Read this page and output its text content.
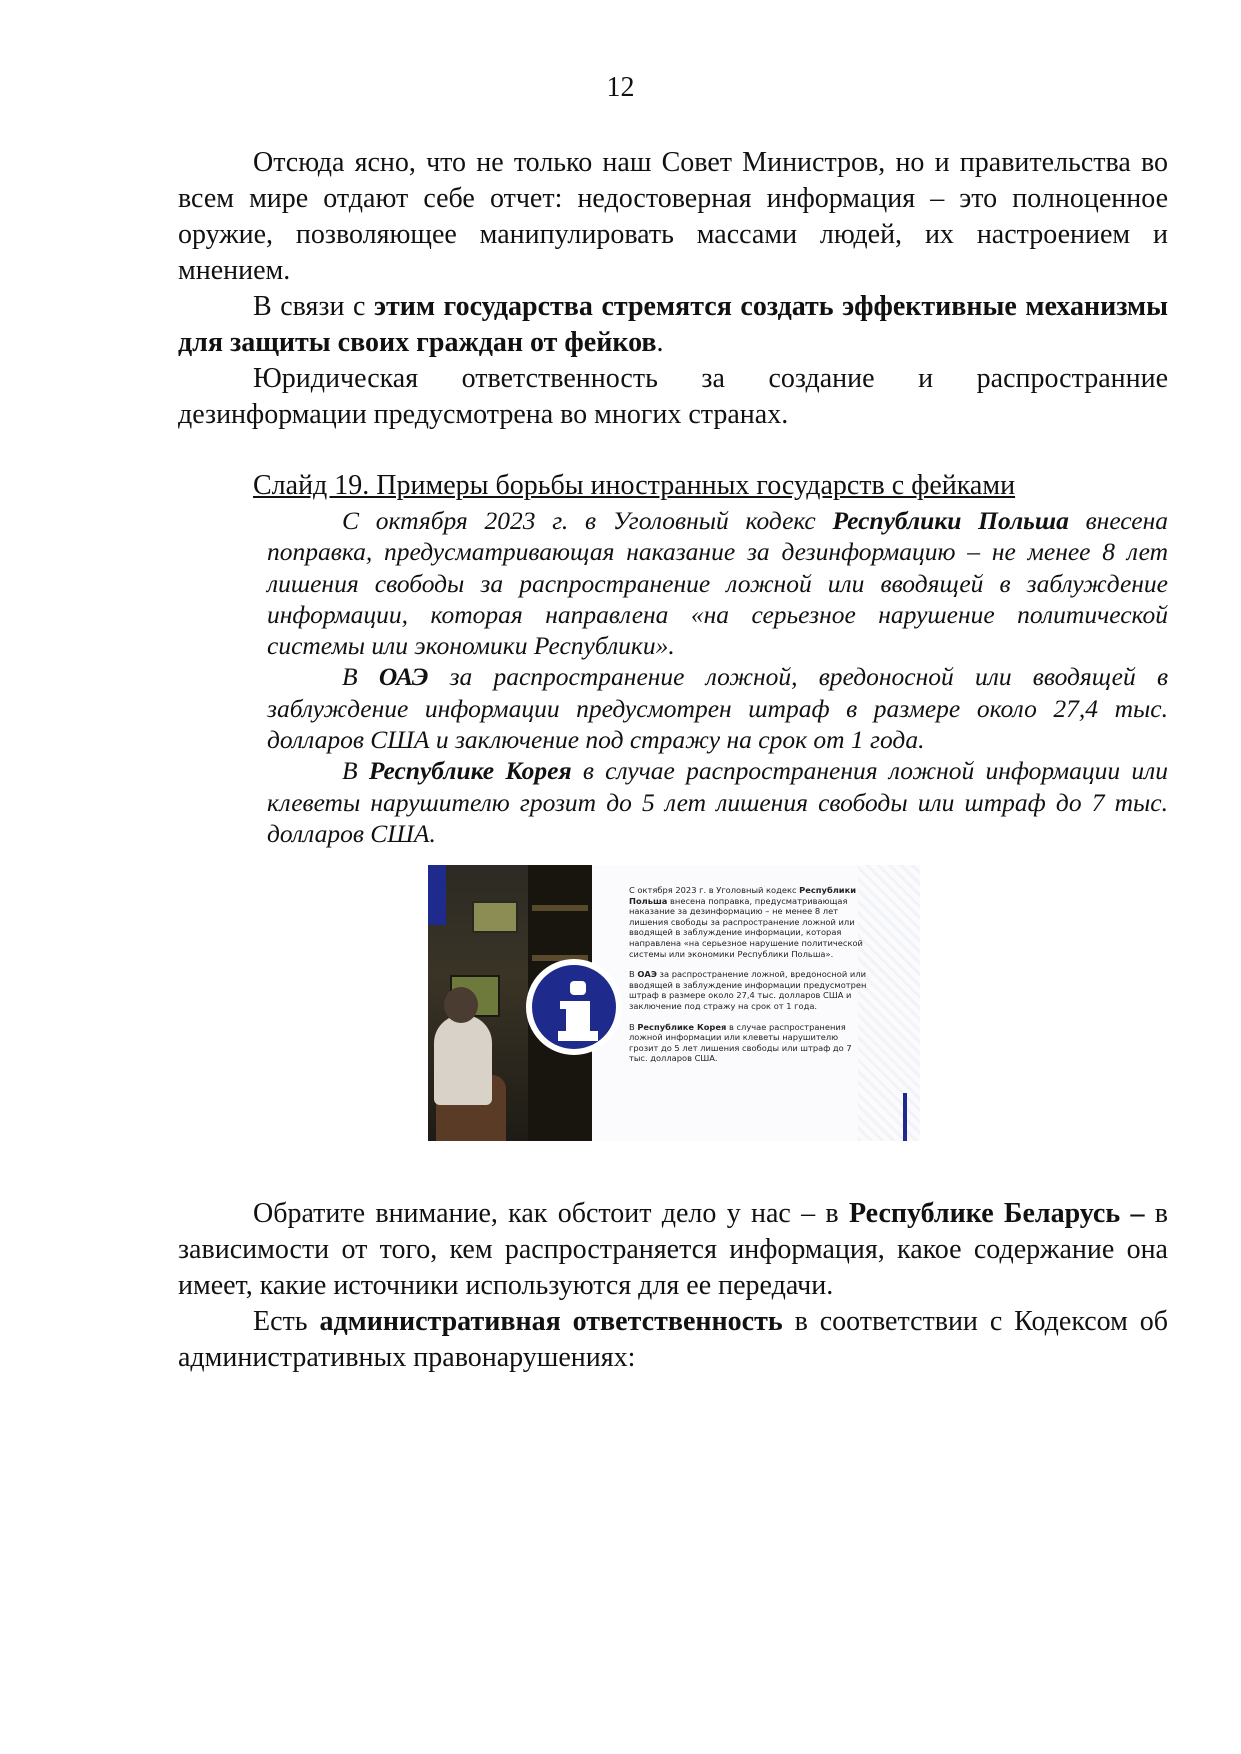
12

Отсюда ясно, что не только наш Совет Министров, но и правительства во всем мире отдают себе отчет: недостоверная информация – это полноценное оружие, позволяющее манипулировать массами людей, их настроением и мнением.

В связи с этим государства стремятся создать эффективные механизмы для защиты своих граждан от фейков.

Юридическая ответственность за создание и распространние дезинформации предусмотрена во многих странах.

Слайд 19. Примеры борьбы иностранных государств с фейками

С октября 2023 г. в Уголовный кодекс Республики Польша внесена поправка, предусматривающая наказание за дезинформацию – не менее 8 лет лишения свободы за распространение ложной или вводящей в заблуждение информации, которая направлена «на серьезное нарушение политической системы или экономики Республики».

В ОАЭ за распространение ложной, вредоносной или вводящей в заблуждение информации предусмотрен штраф в размере около 27,4 тыс. долларов США и заключение под стражу на срок от 1 года.

В Республике Корея в случае распространения ложной информации или клеветы нарушителю грозит до 5 лет лишения свободы или штраф до 7 тыс. долларов США.

С октября 2023 г. в Уголовный кодекс Республики Польша внесена поправка, предусматривающая наказание за дезинформацию – не менее 8 лет лишения свободы за распространение ложной или вводящей в заблуждение информации, которая направлена «на серьезное нарушение политической системы или экономики Республики Польша».

В ОАЭ за распространение ложной, вредоносной или вводящей в заблуждение информации предусмотрен штраф в размере около 27,4 тыс. долларов США и заключение под стражу на срок от 1 года.

В Республике Корея в случае распространения ложной информации или клеветы нарушителю грозит до 5 лет лишения свободы или штраф до 7 тыс. долларов США.

Обратите внимание, как обстоит дело у нас – в Республике Беларусь – в зависимости от того, кем распространяется информация, какое содержание она имеет, какие источники используются для ее передачи.

Есть административная ответственность в соответствии с Кодексом об административных правонарушениях:
